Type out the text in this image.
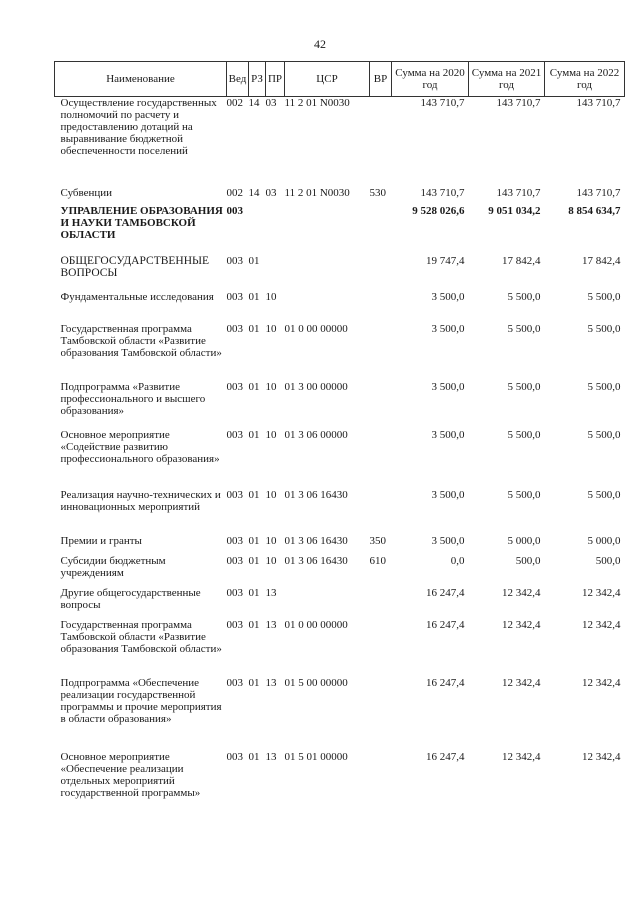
42
Наименование	Вед	РЗ	ПР	ЦСР	ВР	Сумма на 2020 год	Сумма на 2021 год	Сумма на 2022 год
Осуществление государственных полномочий по расчету и предоставлению дотаций на выравнивание бюджетной обеспеченности поселений	002	14	03	11 2 01 N0030		143 710,7	143 710,7	143 710,7
Субвенции	002	14	03	11 2 01 N0030	530	143 710,7	143 710,7	143 710,7
УПРАВЛЕНИЕ ОБРАЗОВАНИЯ И НАУКИ ТАМБОВСКОЙ ОБЛАСТИ	003					9 528 026,6	9 051 034,2	8 854 634,7
ОБЩЕГОСУДАРСТВЕННЫЕ ВОПРОСЫ	003	01				19 747,4	17 842,4	17 842,4
Фундаментальные исследования	003	01	10			3 500,0	5 500,0	5 500,0
Государственная программа Тамбовской области «Развитие образования Тамбовской области»	003	01	10	01 0 00 00000		3 500,0	5 500,0	5 500,0
Подпрограмма «Развитие профессионального и высшего образования»	003	01	10	01 3 00 00000		3 500,0	5 500,0	5 500,0
Основное мероприятие «Содействие развитию профессионального образования»	003	01	10	01 3 06 00000		3 500,0	5 500,0	5 500,0
Реализация научно-технических и инновационных мероприятий	003	01	10	01 3 06 16430		3 500,0	5 500,0	5 500,0
Премии и гранты	003	01	10	01 3 06 16430	350	3 500,0	5 000,0	5 000,0
Субсидии бюджетным учреждениям	003	01	10	01 3 06 16430	610	0,0	500,0	500,0
Другие общегосударственные вопросы	003	01	13			16 247,4	12 342,4	12 342,4
Государственная программа Тамбовской области «Развитие образования Тамбовской области»	003	01	13	01 0 00 00000		16 247,4	12 342,4	12 342,4
Подпрограмма «Обеспечение реализации государственной программы и прочие мероприятия в области образования»	003	01	13	01 5 00 00000		16 247,4	12 342,4	12 342,4
Основное мероприятие «Обеспечение реализации отдельных мероприятий государственной программы»	003	01	13	01 5 01 00000		16 247,4	12 342,4	12 342,4
